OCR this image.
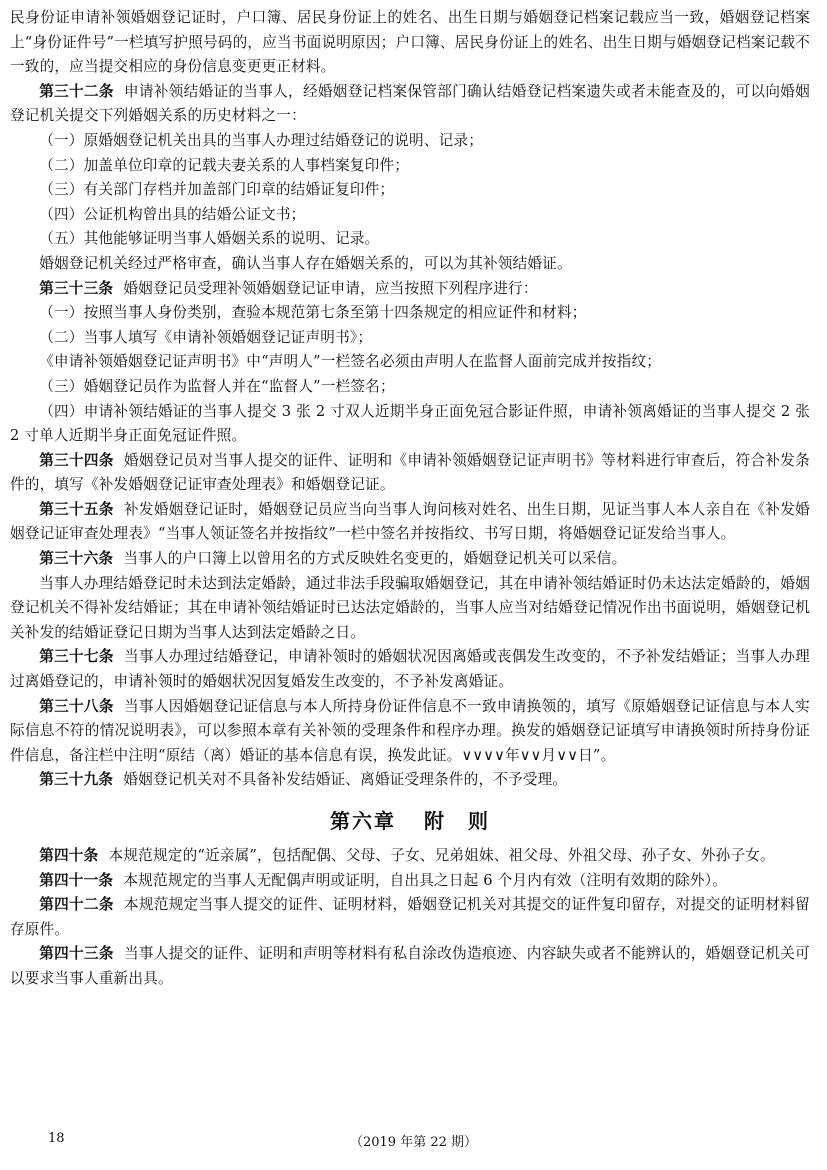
民身份证申请补领婚姻登记证时，户口簿、居民身份证上的姓名、出生日期与婚姻登记档案记载应当一致，婚姻登记档案上“身份证件号”一栏填写护照号码的，应当书面说明原因；户口簿、居民身份证上的姓名、出生日期与婚姻登记档案记载不一致的，应当提交相应的身份信息变更更正材料。

第三十二条 申请补领结婚证的当事人，经婚姻登记档案保管部门确认结婚登记档案遗失或者未能查及的，可以向婚姻登记机关提交下列婚姻关系的历史材料之一：

（一）原婚姻登记机关出具的当事人办理过结婚登记的说明、记录；

（二）加盖单位印章的记载夫妻关系的人事档案复印件；

（三）有关部门存档并加盖部门印章的结婚证复印件；

（四）公证机构曾出具的结婚公证文书；

（五）其他能够证明当事人婚姻关系的说明、记录。

婚姻登记机关经过严格审查，确认当事人存在婚姻关系的，可以为其补领结婚证。

第三十三条 婚姻登记员受理补领婚姻登记证申请，应当按照下列程序进行：

（一）按照当事人身份类别，查验本规范第七条至第十四条规定的相应证件和材料；

（二）当事人填写《申请补领婚姻登记证声明书》；

《申请补领婚姻登记证声明书》中“声明人”一栏签名必须由声明人在监督人面前完成并按指纹；

（三）婚姻登记员作为监督人并在“监督人”一栏签名；

（四）申请补领结婚证的当事人提交 3 张 2 寸双人近期半身正面免冠合影证件照，申请补领离婚证的当事人提交 2 张 2 寸单人近期半身正面免冠证件照。

第三十四条 婚姻登记员对当事人提交的证件、证明和《申请补领婚姻登记证声明书》等材料进行审查后，符合补发条件的，填写《补发婚姻登记证审查处理表》和婚姻登记证。

第三十五条 补发婚姻登记证时，婚姻登记员应当向当事人询问核对姓名、出生日期，见证当事人本人亲自在《补发婚姻登记证审查处理表》“当事人领证签名并按指纹”一栏中签名并按指纹、书写日期，将婚姻登记证发给当事人。

第三十六条 当事人的户口簿上以曾用名的方式反映姓名变更的，婚姻登记机关可以采信。

当事人办理结婚登记时未达到法定婚龄，通过非法手段骗取婚姻登记，其在申请补领结婚证时仍未达法定婚龄的，婚姻登记机关不得补发结婚证；其在申请补领结婚证时已达法定婚龄的，当事人应当对结婚登记情况作出书面说明，婚姻登记机关补发的结婚证登记日期为当事人达到法定婚龄之日。

第三十七条 当事人办理过结婚登记，申请补领时的婚姻状况因离婚或丧偶发生改变的，不予补发结婚证；当事人办理过离婚登记的，申请补领时的婚姻状况因复婚发生改变的，不予补发离婚证。

第三十八条 当事人因婚姻登记证信息与本人所持身份证件信息不一致申请换领的，填写《原婚姻登记证信息与本人实际信息不符的情况说明表》，可以参照本章有关补领的受理条件和程序办理。换发的婚姻登记证填写申请换领时所持身份证件信息，备注栏中注明“原结（离）婚证的基本信息有误，换发此证。∨∨∨∨年∨∨月∨∨日”。

第三十九条 婚姻登记机关对不具备补发结婚证、离婚证受理条件的，不予受理。

第六章 附　则

第四十条 本规范规定的“近亲属”，包括配偶、父母、子女、兄弟姐妹、祖父母、外祖父母、孙子女、外孙子女。

第四十一条 本规范规定的当事人无配偶声明或证明，自出具之日起 6 个月内有效（注明有效期的除外）。

第四十二条 本规范规定当事人提交的证件、证明材料，婚姻登记机关对其提交的证件复印留存，对提交的证明材料留存原件。

第四十三条 当事人提交的证件、证明和声明等材料有私自涂改伪造痕迹、内容缺失或者不能辨认的，婚姻登记机关可以要求当事人重新出具。

18	（2019 年第 22 期）
